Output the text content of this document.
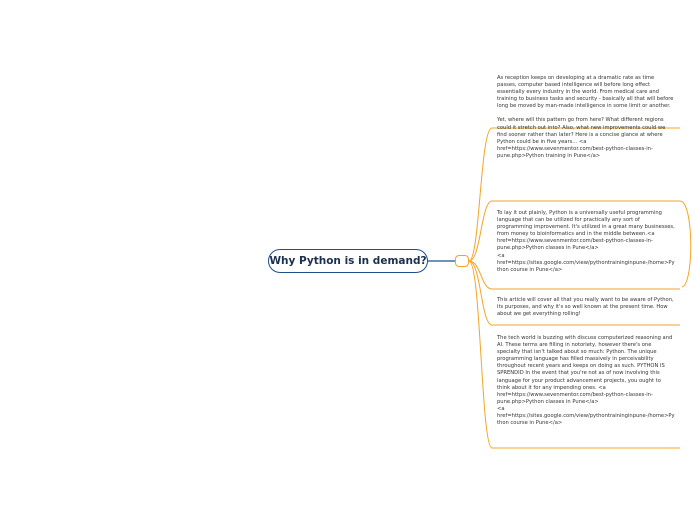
Why Python is in demand?

As reception keeps on developing at a dramatic rate as time passes, computer based intelligence will before long effect essentially every industry in the world. From medical care and training to business tasks and security - basically all that will before long be moved by man-made intelligence in some limit or another.

Yet, where will this pattern go from here? What different regions could it stretch out into? Also, what new improvements could we find sooner rather than later? Here is a concise glance at where Python could be in five years... <a href=https://www.sevenmentor.com/best-python-classes-in-pune.php>Python training in Pune</a>

To lay it out plainly, Python is a universally useful programming language that can be utilized for practically any sort of programming improvement. It's utilized in a great many businesses, from money to bioinformatics and in the middle between.<a href=https://www.sevenmentor.com/best-python-classes-in-pune.php>Python classes in Pune</a>
<a href=https://sites.google.com/view/pythontraininginpune-/home>Python course in Pune</a>

This article will cover all that you really want to be aware of Python, its purposes, and why it's so well known at the present time. How about we get everything rolling!

The tech world is buzzing with discuss computerized reasoning and AI. These terms are filling in notoriety, however there's one specialty that isn't talked about so much: Python. The unique programming language has filled massively in perceivability throughout recent years and keeps on doing as such. PYTHON IS SPRENDID In the event that you're not as of now involving this language for your product advancement projects, you ought to think about it for any impending ones. <a href=https://www.sevenmentor.com/best-python-classes-in-pune.php>Python classes in Pune</a>
<a href=https://sites.google.com/view/pythontraininginpune-/home>Python course in Pune</a>
